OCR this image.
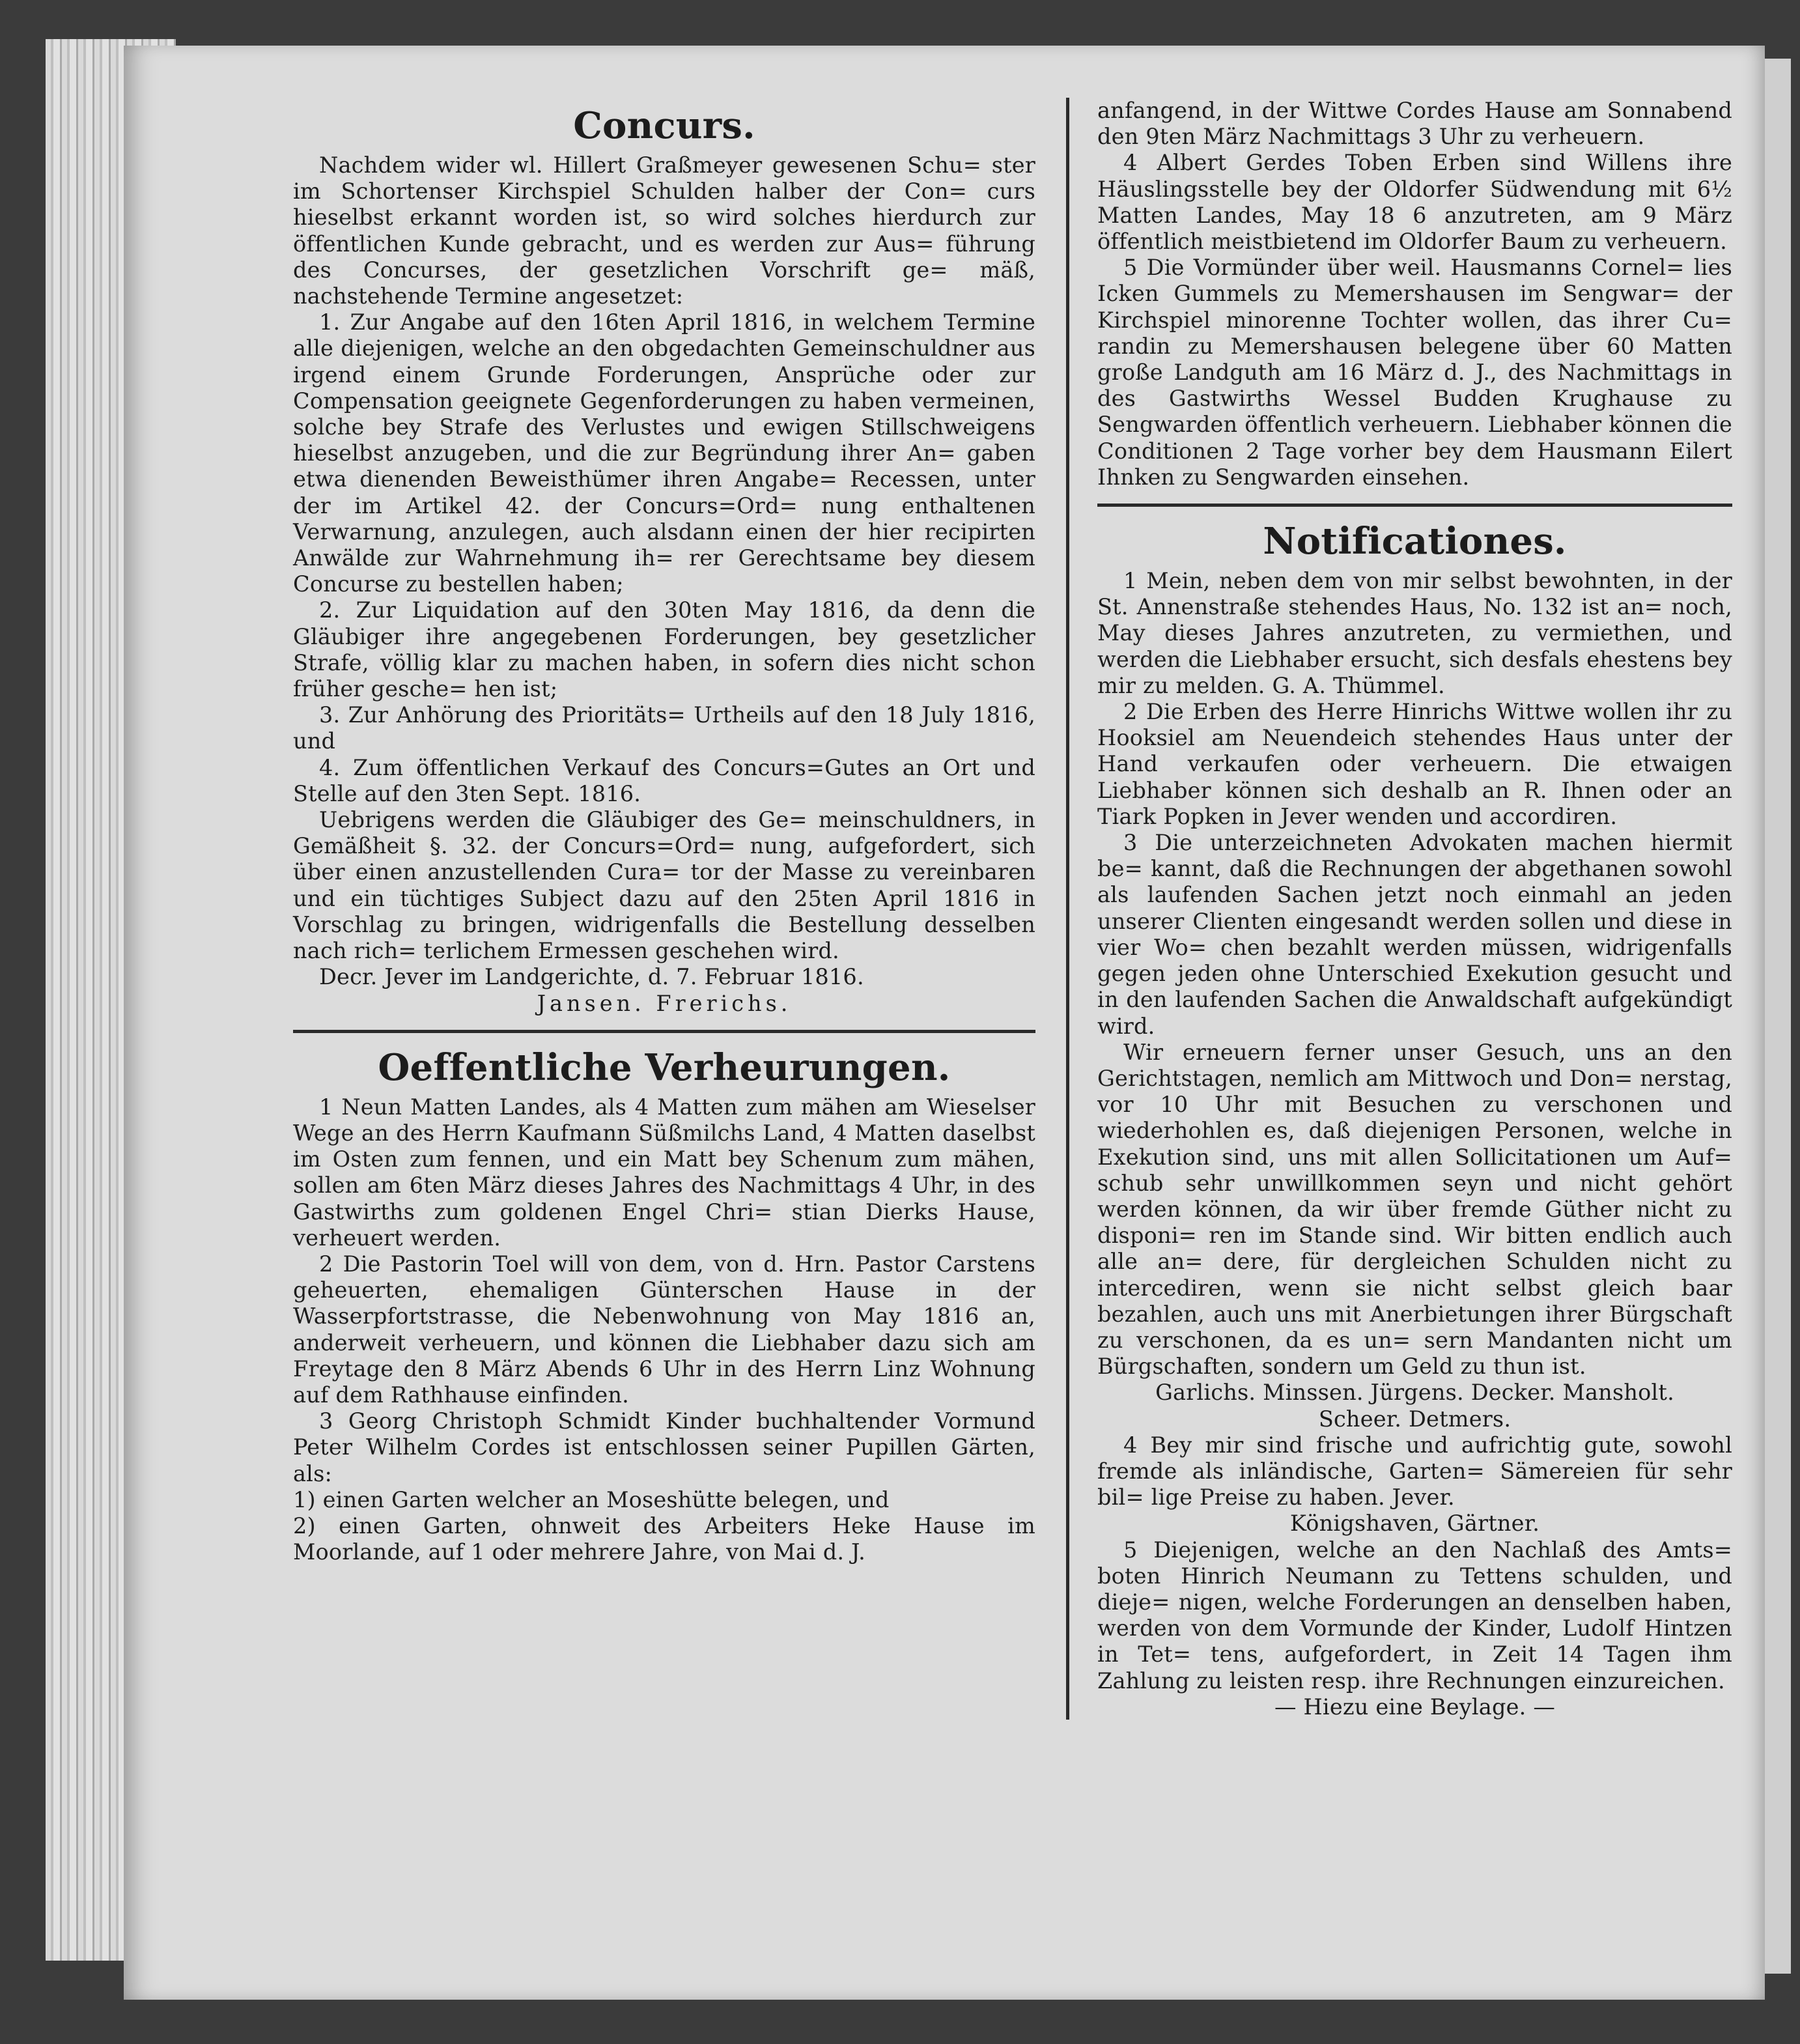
Concurs.

Nachdem wider wl. Hillert Graßmeyer gewesenen Schu= ster im Schortenser Kirchspiel Schulden halber der Con= curs hieselbst erkannt worden ist, so wird solches hierdurch zur öffentlichen Kunde gebracht, und es werden zur Aus= führung des Concurses, der gesetzlichen Vorschrift ge= mäß, nachstehende Termine angesetzet:

1. Zur Angabe auf den 16ten April 1816, in welchem Termine alle diejenigen, welche an den obgedachten Gemeinschuldner aus irgend einem Grunde Forderungen, Ansprüche oder zur Compensation geeignete Gegenforderungen zu haben vermeinen, solche bey Strafe des Verlustes und ewigen Stillschweigens hieselbst anzugeben, und die zur Begründung ihrer An= gaben etwa dienenden Beweisthümer ihren Angabe= Recessen, unter der im Artikel 42. der Concurs=Ord= nung enthaltenen Verwarnung, anzulegen, auch alsdann einen der hier recipirten Anwälde zur Wahrnehmung ih= rer Gerechtsame bey diesem Concurse zu bestellen haben;

2. Zur Liquidation auf den 30ten May 1816, da denn die Gläubiger ihre angegebenen Forderungen, bey gesetzlicher Strafe, völlig klar zu machen haben, in sofern dies nicht schon früher gesche= hen ist;

3. Zur Anhörung des Prioritäts= Urtheils auf den 18 July 1816, und

4. Zum öffentlichen Verkauf des Concurs=Gutes an Ort und Stelle auf den 3ten Sept. 1816.

Uebrigens werden die Gläubiger des Ge= meinschuldners, in Gemäßheit §. 32. der Concurs=Ord= nung, aufgefordert, sich über einen anzustellenden Cura= tor der Masse zu vereinbaren und ein tüchtiges Subject dazu auf den 25ten April 1816 in Vorschlag zu bringen, widrigenfalls die Bestellung desselben nach rich= terlichem Ermessen geschehen wird.

Decr. Jever im Landgerichte, d. 7. Februar 1816.

Jansen. Frerichs.

Oeffentliche Verheurungen.

1 Neun Matten Landes, als 4 Matten zum mähen am Wieselser Wege an des Herrn Kaufmann Süßmilchs Land, 4 Matten daselbst im Osten zum fennen, und ein Matt bey Schenum zum mähen, sollen am 6ten März dieses Jahres des Nachmittags 4 Uhr, in des Gastwirths zum goldenen Engel Chri= stian Dierks Hause, verheuert werden.

2 Die Pastorin Toel will von dem, von d. Hrn. Pastor Carstens geheuerten, ehemaligen Günterschen Hause in der Wasserpfortstrasse, die Nebenwohnung von May 1816 an, anderweit verheuern, und können die Liebhaber dazu sich am Freytage den 8 März Abends 6 Uhr in des Herrn Linz Wohnung auf dem Rathhause einfinden.

3 Georg Christoph Schmidt Kinder buchhaltender Vormund Peter Wilhelm Cordes ist entschlossen seiner Pupillen Gärten, als:

1) einen Garten welcher an Moseshütte belegen, und

2) einen Garten, ohnweit des Arbeiters Heke Hause im Moorlande, auf 1 oder mehrere Jahre, von Mai d. J.

anfangend, in der Wittwe Cordes Hause am Sonnabend den 9ten März Nachmittags 3 Uhr zu verheuern.

4 Albert Gerdes Toben Erben sind Willens ihre Häuslingsstelle bey der Oldorfer Südwendung mit 6½ Matten Landes, May 18 6 anzutreten, am 9 März öffentlich meistbietend im Oldorfer Baum zu verheuern.

5 Die Vormünder über weil. Hausmanns Cornel= lies Icken Gummels zu Memershausen im Sengwar= der Kirchspiel minorenne Tochter wollen, das ihrer Cu= randin zu Memershausen belegene über 60 Matten große Landguth am 16 März d. J., des Nachmittags in des Gastwirths Wessel Budden Krughause zu Sengwarden öffentlich verheuern. Liebhaber können die Conditionen 2 Tage vorher bey dem Hausmann Eilert Ihnken zu Sengwarden einsehen.

Notificationes.

1 Mein, neben dem von mir selbst bewohnten, in der St. Annenstraße stehendes Haus, No. 132 ist an= noch, May dieses Jahres anzutreten, zu vermiethen, und werden die Liebhaber ersucht, sich desfals ehestens bey mir zu melden. G. A. Thümmel.

2 Die Erben des Herre Hinrichs Wittwe wollen ihr zu Hooksiel am Neuendeich stehendes Haus unter der Hand verkaufen oder verheuern. Die etwaigen Liebhaber können sich deshalb an R. Ihnen oder an Tiark Popken in Jever wenden und accordiren.

3 Die unterzeichneten Advokaten machen hiermit be= kannt, daß die Rechnungen der abgethanen sowohl als laufenden Sachen jetzt noch einmahl an jeden unserer Clienten eingesandt werden sollen und diese in vier Wo= chen bezahlt werden müssen, widrigenfalls gegen jeden ohne Unterschied Exekution gesucht und in den laufenden Sachen die Anwaldschaft aufgekündigt wird.

Wir erneuern ferner unser Gesuch, uns an den Gerichtstagen, nemlich am Mittwoch und Don= nerstag, vor 10 Uhr mit Besuchen zu verschonen und wiederhohlen es, daß diejenigen Personen, welche in Exekution sind, uns mit allen Sollicitationen um Auf= schub sehr unwillkommen seyn und nicht gehört werden können, da wir über fremde Güther nicht zu disponi= ren im Stande sind. Wir bitten endlich auch alle an= dere, für dergleichen Schulden nicht zu intercediren, wenn sie nicht selbst gleich baar bezahlen, auch uns mit Anerbietungen ihrer Bürgschaft zu verschonen, da es un= sern Mandanten nicht um Bürgschaften, sondern um Geld zu thun ist.

Garlichs. Minssen. Jürgens. Decker. Mansholt.

Scheer. Detmers.

4 Bey mir sind frische und aufrichtig gute, sowohl fremde als inländische, Garten= Sämereien für sehr bil= lige Preise zu haben. Jever.

Königshaven, Gärtner.

5 Diejenigen, welche an den Nachlaß des Amts= boten Hinrich Neumann zu Tettens schulden, und dieje= nigen, welche Forderungen an denselben haben, werden von dem Vormunde der Kinder, Ludolf Hintzen in Tet= tens, aufgefordert, in Zeit 14 Tagen ihm Zahlung zu leisten resp. ihre Rechnungen einzureichen.

— Hiezu eine Beylage. —
